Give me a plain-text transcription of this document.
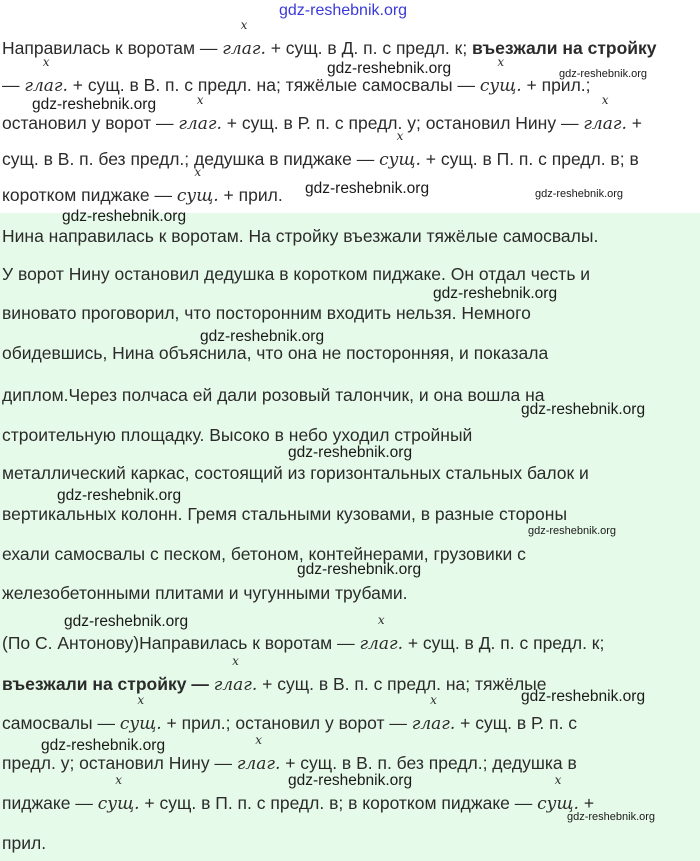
gdz-reshebnik.org
Направилась к воротам —
x
глаг. + сущ. в Д. п. с предл. к; въезжали на стройку
—
x
глаг. + сущ. в В. п. с предл. на; тяжёлые самосвалы —
x
сущ. + прил.;
остановил у ворот —
x
глаг. + сущ. в Р. п. с предл. у; остановил Нину —
x
глаг. +
сущ. в В. п. без предл.; дедушка в пиджаке —
x
сущ. + сущ. в П. п. с предл. в; в
коротком пиджаке —
x
сущ. + прил.
Нина направилась к воротам. На стройку въезжали тяжёлые самосвалы.
У ворот Нину остановил дедушка в коротком пиджаке. Он отдал честь и
виновато проговорил, что посторонним входить нельзя. Немного
обидевшись, Нина объяснила, что она не посторонняя, и показала
диплом.Через полчаса ей дали розовый талончик, и она вошла на
строительную площадку. Высоко в небо уходил стройный
металлический каркас, состоящий из горизонтальных стальных балок и
вертикальных колонн. Гремя стальными кузовами, в разные стороны
ехали самосвалы с песком, бетоном, контейнерами, грузовики с
железобетонными плитами и чугунными трубами.
(По С. Антонову)Направилась к воротам —
x
глаг. + сущ. в Д. п. с предл. к;
въезжали на стройку —
x
глаг. + сущ. в В. п. с предл. на; тяжёлые
самосвалы —
x
сущ. + прил.; остановил у ворот —
x
глаг. + сущ. в Р. п. с
предл. у; остановил Нину —
x
глаг. + сущ. в В. п. без предл.; дедушка в
пиджаке —
x
сущ. + сущ. в П. п. с предл. в; в коротком пиджаке —
x
сущ. +
прил.
gdz-reshebnik.org	gdz-reshebnik.org
gdz-reshebnik.org
gdz-reshebnik.org	gdz-reshebnik.org
gdz-reshebnik.org
gdz-reshebnik.org
gdz-reshebnik.org
gdz-reshebnik.org
gdz-reshebnik.org
gdz-reshebnik.org
gdz-reshebnik.org
gdz-reshebnik.org
gdz-reshebnik.org
gdz-reshebnik.org
gdz-reshebnik.org
gdz-reshebnik.org
gdz-reshebnik.org
